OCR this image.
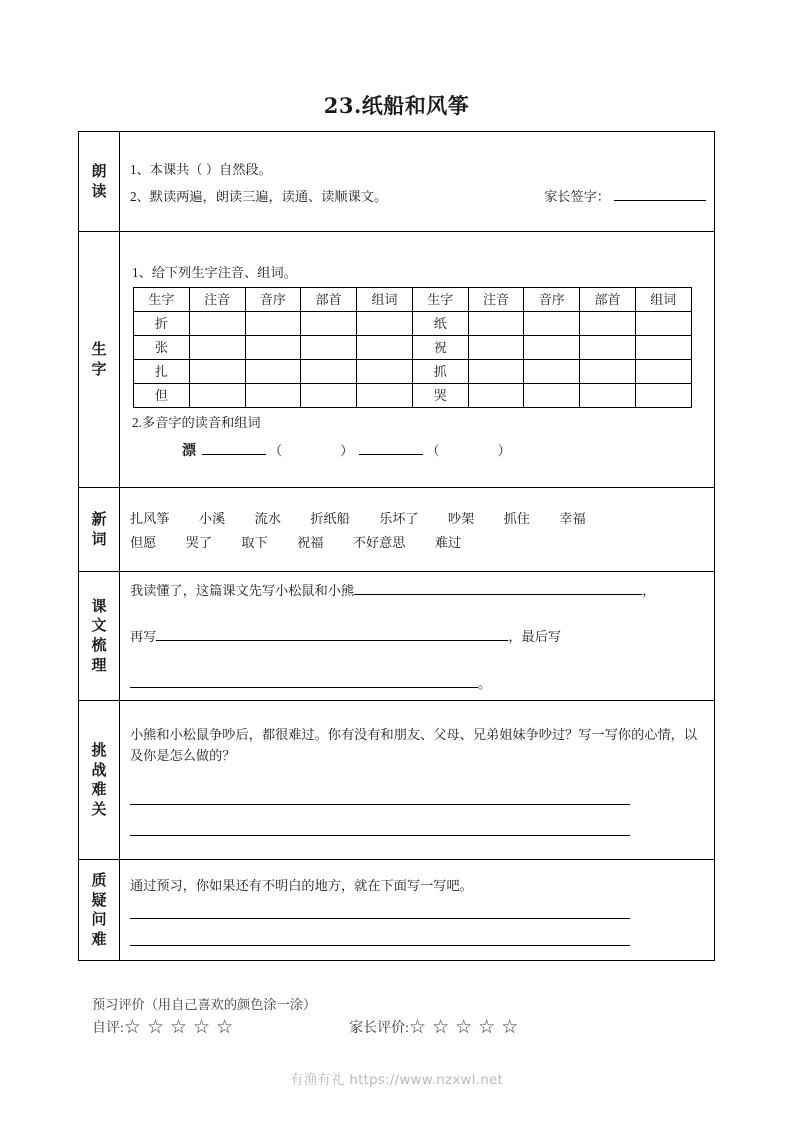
23.纸船和风筝
朗
读

1、本课共（ ）自然段。
2、默读两遍，朗读三遍，读通、读顺课文。	家长签字：

生
字

1、给下列生字注音、组词。
生字	注音	音序	部首	组词	生字	注音	音序	部首	组词
折					纸				
张					祝				
扎					抓				
但					哭				
2.多音字的读音和组词
漂	（	）	（	）

新
词

扎风筝 小溪 流水 折纸船 乐坏了 吵架 抓住 幸福
但愿 哭了 取下 祝福 不好意思 难过

课
文
梳
理

我读懂了，这篇课文先写小松鼠和小熊	，
再写	，最后写
。

挑
战
难
关

小熊和小松鼠争吵后，都很难过。你有没有和朋友、父母、兄弟姐妹争吵过？写一写你的心情，以及你是怎么做的？

质
疑
问
难

通过预习，你如果还有不明白的地方，就在下面写一写吧。
预习评价（用自己喜欢的颜色涂一涂）
自评: ☆ ☆ ☆ ☆ ☆	家长评价: ☆ ☆ ☆ ☆ ☆
有渔有礼 https://www.nzxwl.net
